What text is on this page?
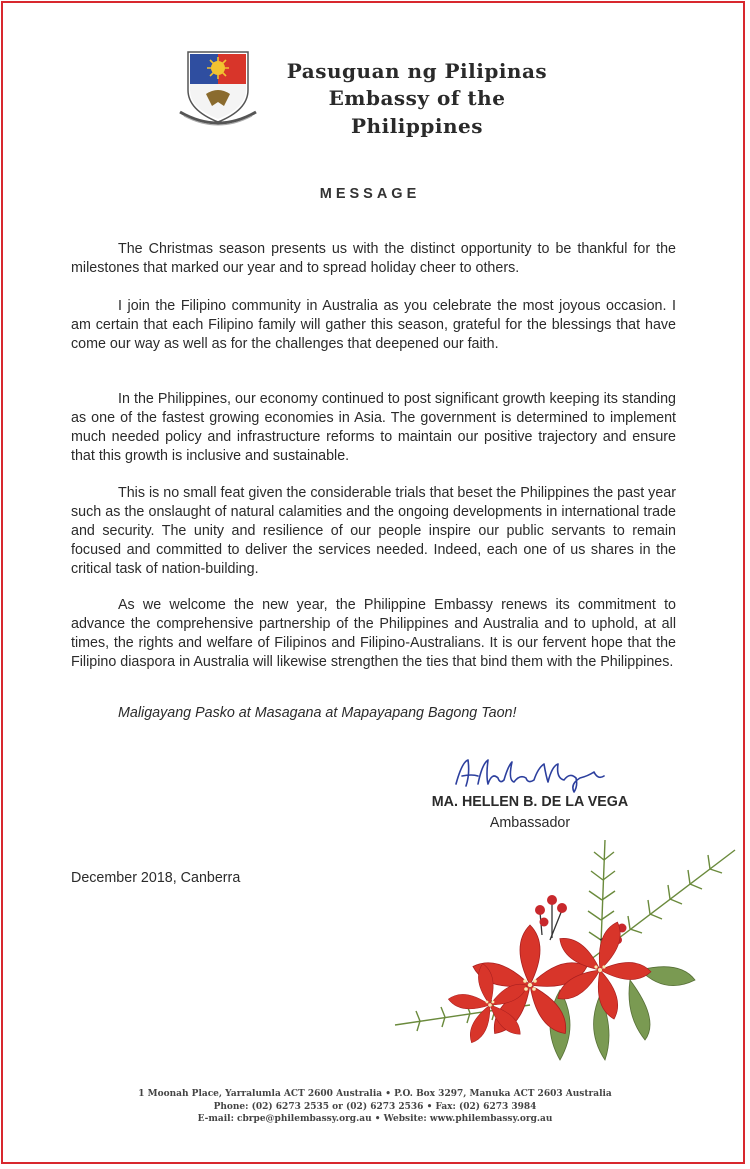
Pasuguan ng Pilipinas
Embassy of the Philippines
MESSAGE

The Christmas season presents us with the distinct opportunity to be thankful for the milestones that marked our year and to spread holiday cheer to others.

I join the Filipino community in Australia as you celebrate the most joyous occasion. I am certain that each Filipino family will gather this season, grateful for the blessings that have come our way as well as for the challenges that deepened our faith.

In the Philippines, our economy continued to post significant growth keeping its standing as one of the fastest growing economies in Asia. The government is determined to implement much needed policy and infrastructure reforms to maintain our positive trajectory and ensure that this growth is inclusive and sustainable.

This is no small feat given the considerable trials that beset the Philippines the past year such as the onslaught of natural calamities and the ongoing developments in international trade and security. The unity and resilience of our people inspire our public servants to remain focused and committed to deliver the services needed. Indeed, each one of us shares in the critical task of nation-building.

As we welcome the new year, the Philippine Embassy renews its commitment to advance the comprehensive partnership of the Philippines and Australia and to uphold, at all times, the rights and welfare of Filipinos and Filipino-Australians. It is our fervent hope that the Filipino diaspora in Australia will likewise strengthen the ties that bind them with the Philippines.

Maligayang Pasko at Masagana at Mapayapang Bagong Taon!

MA. HELLEN B. DE LA VEGA
Ambassador
December 2018, Canberra
1 Moonah Place, Yarralumla ACT 2600 Australia • P.O. Box 3297, Manuka ACT 2603 Australia
Phone: (02) 6273 2535 or (02) 6273 2536 • Fax: (02) 6273 3984
E-mail: cbrpe@philembassy.org.au • Website: www.philembassy.org.au
